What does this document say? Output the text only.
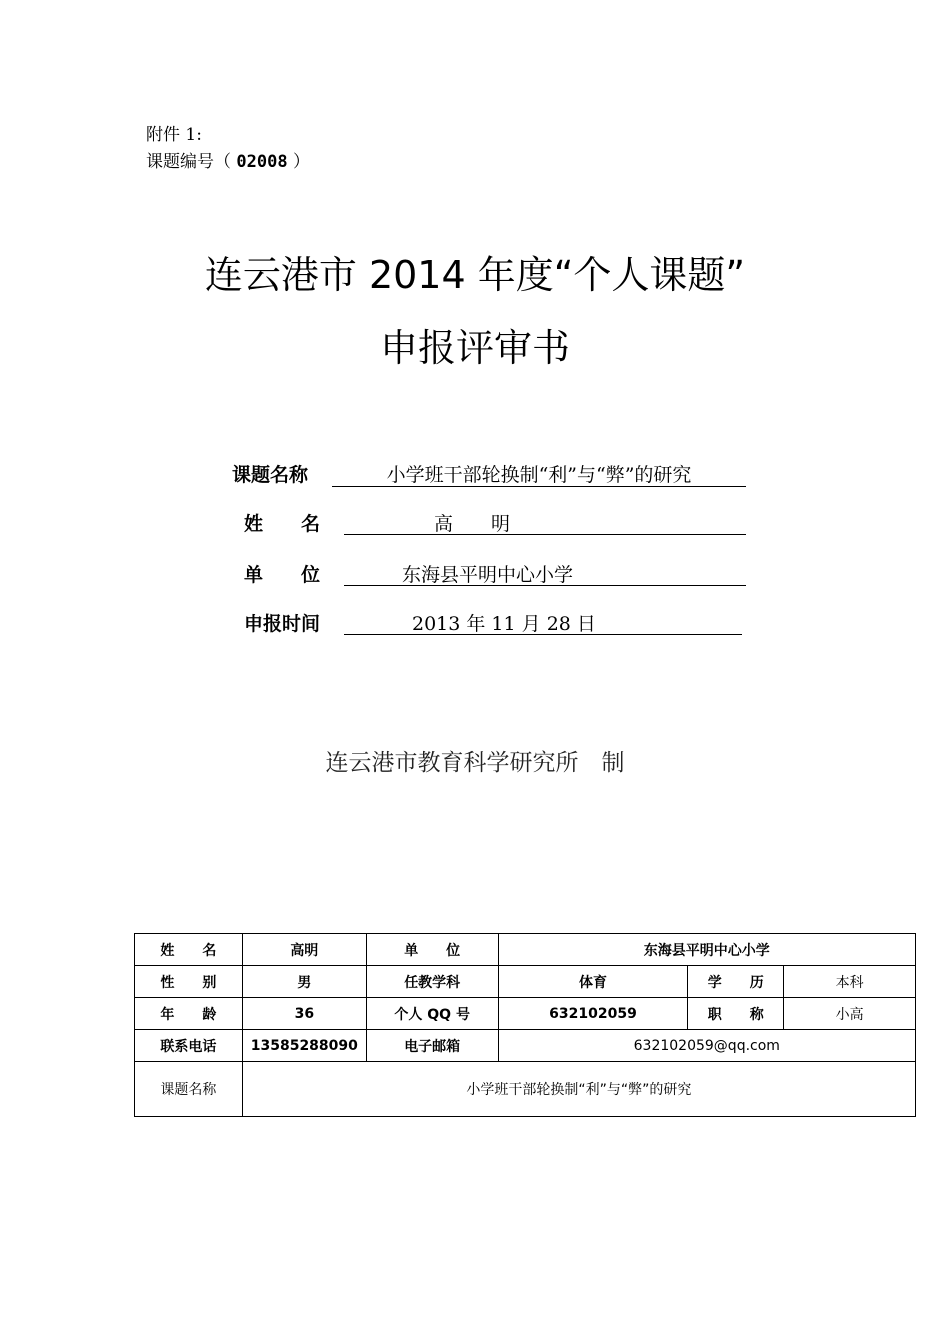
附件 1:
课题编号（ 02008 ）
连云港市 2014 年度“个人课题”
申报评审书
课题名称	小学班干部轮换制“利”与“弊”的研究
姓　　名	高　　明
单　　位	东海县平明中心小学
申报时间	2013 年 11 月 28 日
连云港市教育科学研究所　制
姓　　名	高明	单　　位	东海县平明中心小学		
性　　别	男	任教学科	体育	学　　历	本科
年　　龄	36	个人 QQ 号	632102059	职　　称	小高
联系电话	13585288090	电子邮箱	632102059@qq.com		
课题名称	小学班干部轮换制“利”与“弊”的研究				
